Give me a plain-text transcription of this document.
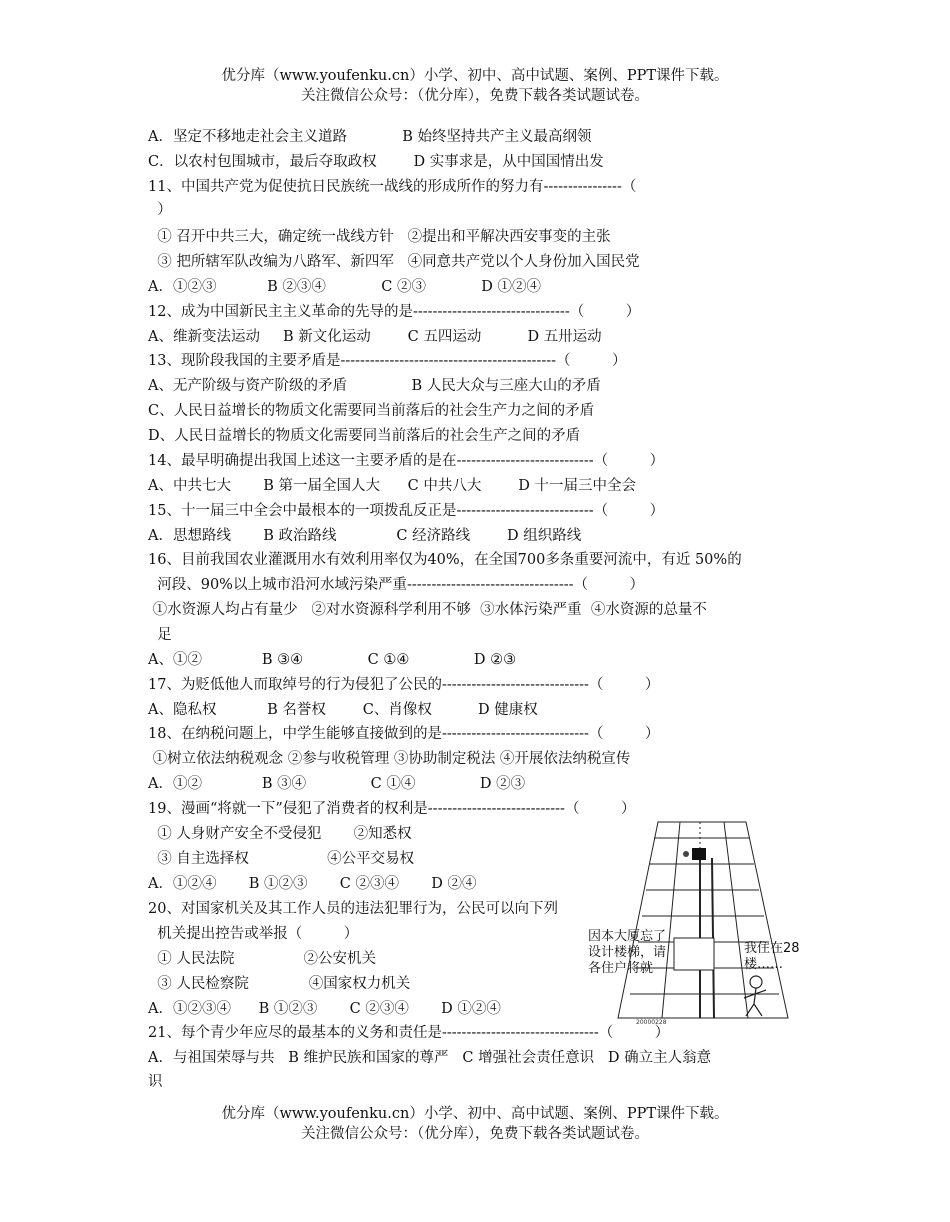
优分库（www.youfenku.cn）小学、初中、高中试题、案例、PPT课件下载。
关注微信公众号：（优分库），免费下载各类试题试卷。
A．坚定不移地走社会主义道路            B 始终坚持共产主义最高纲领
C．以农村包围城市，最后夺取政权        D 实事求是，从中国国情出发
11、中国共产党为促使抗日民族统一战线的形成所作的努力有----------------（
）
① 召开中共三大，确定统一战线方针   ②提出和平解决西安事变的主张
③ 把所辖军队改编为八路军、新四军   ④同意共产党以个人身份加入国民党
A．①②③           B ②③④            C ②③            D ①②④
12、成为中国新民主主义革命的先导的是--------------------------------（         ）
A、维新变法运动     B 新文化运动        C 五四运动          D 五卅运动
13、现阶段我国的主要矛盾是--------------------------------------------（         ）
A、无产阶级与资产阶级的矛盾              B 人民大众与三座大山的矛盾
C、人民日益增长的物质文化需要同当前落后的社会生产力之间的矛盾
D、人民日益增长的物质文化需要同当前落后的社会生产之间的矛盾
14、最早明确提出我国上述这一主要矛盾的是在----------------------------（         ）
A、中共七大       B 第一届全国人大      C 中共八大        D 十一届三中全会
15、十一届三中全会中最根本的一项拨乱反正是----------------------------（         ）
A．思想路线       B 政治路线             C 经济路线        D 组织路线
16、目前我国农业灌溉用水有效利用率仅为40%，在全国700多条重要河流中，有近 50%的
河段、90%以上城市沿河水域污染严重----------------------------------（         ）
①水资源人均占有量少   ②对水资源科学利用不够  ③水体污染严重  ④水资源的总量不
足
A、①②             B ③④              C ①④              D ②③
17、为贬低他人而取绰号的行为侵犯了公民的------------------------------（         ）
A、隐私权           B 名誉权        C、肖像权          D 健康权
18、在纳税问题上，中学生能够直接做到的是------------------------------（         ）
①树立依法纳税观念 ②参与收税管理 ③协助制定税法 ④开展依法纳税宣传
A．①②             B ③④              C ①④              D ②③
19、漫画“将就一下”侵犯了消费者的权利是----------------------------（         ）
① 人身财产安全不受侵犯       ②知悉权
③ 自主选择权                 ④公平交易权
A．①②④       B ①②③       C ②③④       D ②④
20、对国家机关及其工作人员的违法犯罪行为，公民可以向下列
机关提出控告或举报（         ）
① 人民法院               ②公安机关
③ 人民检察院             ④国家权力机关
A．①②③④      B ①②③       C ②③④       D ①②④
21、每个青少年应尽的最基本的义务和责任是--------------------------------（         ）
A．与祖国荣辱与共   B 维护民族和国家的尊严   C 增强社会责任意识   D 确立主人翁意
识
20000228
因本大厦忘了
设计楼梯，请
各住户将就
我住在28
楼……
优分库（www.youfenku.cn）小学、初中、高中试题、案例、PPT课件下载。
关注微信公众号：（优分库），免费下载各类试题试卷。
